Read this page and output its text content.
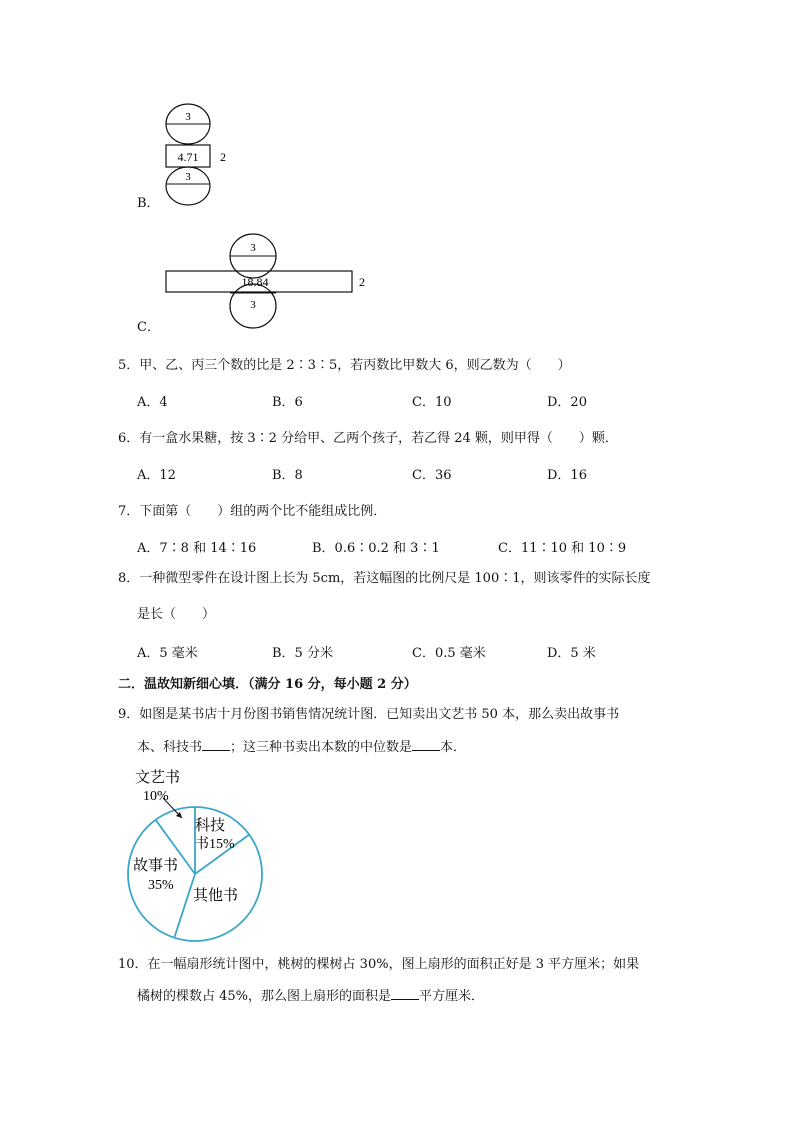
3
4.71 2
3
B．
3
18.84	2
3
C．
5．甲、乙、丙三个数的比是 2∶3∶5，若丙数比甲数大 6，则乙数为（　　）
A．4	B．6	C．10	D．20
6．有一盒水果糖，按 3∶2 分给甲、乙两个孩子，若乙得 24 颗，则甲得（　　）颗．
A．12	B．8	C．36	D．16
7．下面第（　　）组的两个比不能组成比例．
A．7∶8 和 14∶16	B．0.6∶0.2 和 3∶1	C．11∶10 和 10∶9
8．一种微型零件在设计图上长为 5cm，若这幅图的比例尺是 100∶1，则该零件的实际长度
是长（　　）
A．5 毫米	B．5 分米	C．0.5 毫米	D．5 米
二．温故知新细心填．（满分 16 分，每小题 2 分）
9．如图是某书店十月份图书销售情况统计图．已知卖出文艺书 50 本，那么卖出故事书
本、科技书 ；这三种书卖出本数的中位数是 本．
文艺书
10%
科技
书15%
故事书
35%
其他书
10．在一幅扇形统计图中，桃树的棵树占 30%，图上扇形的面积正好是 3 平方厘米；如果
橘树的棵数占 45%，那么图上扇形的面积是 平方厘米．
